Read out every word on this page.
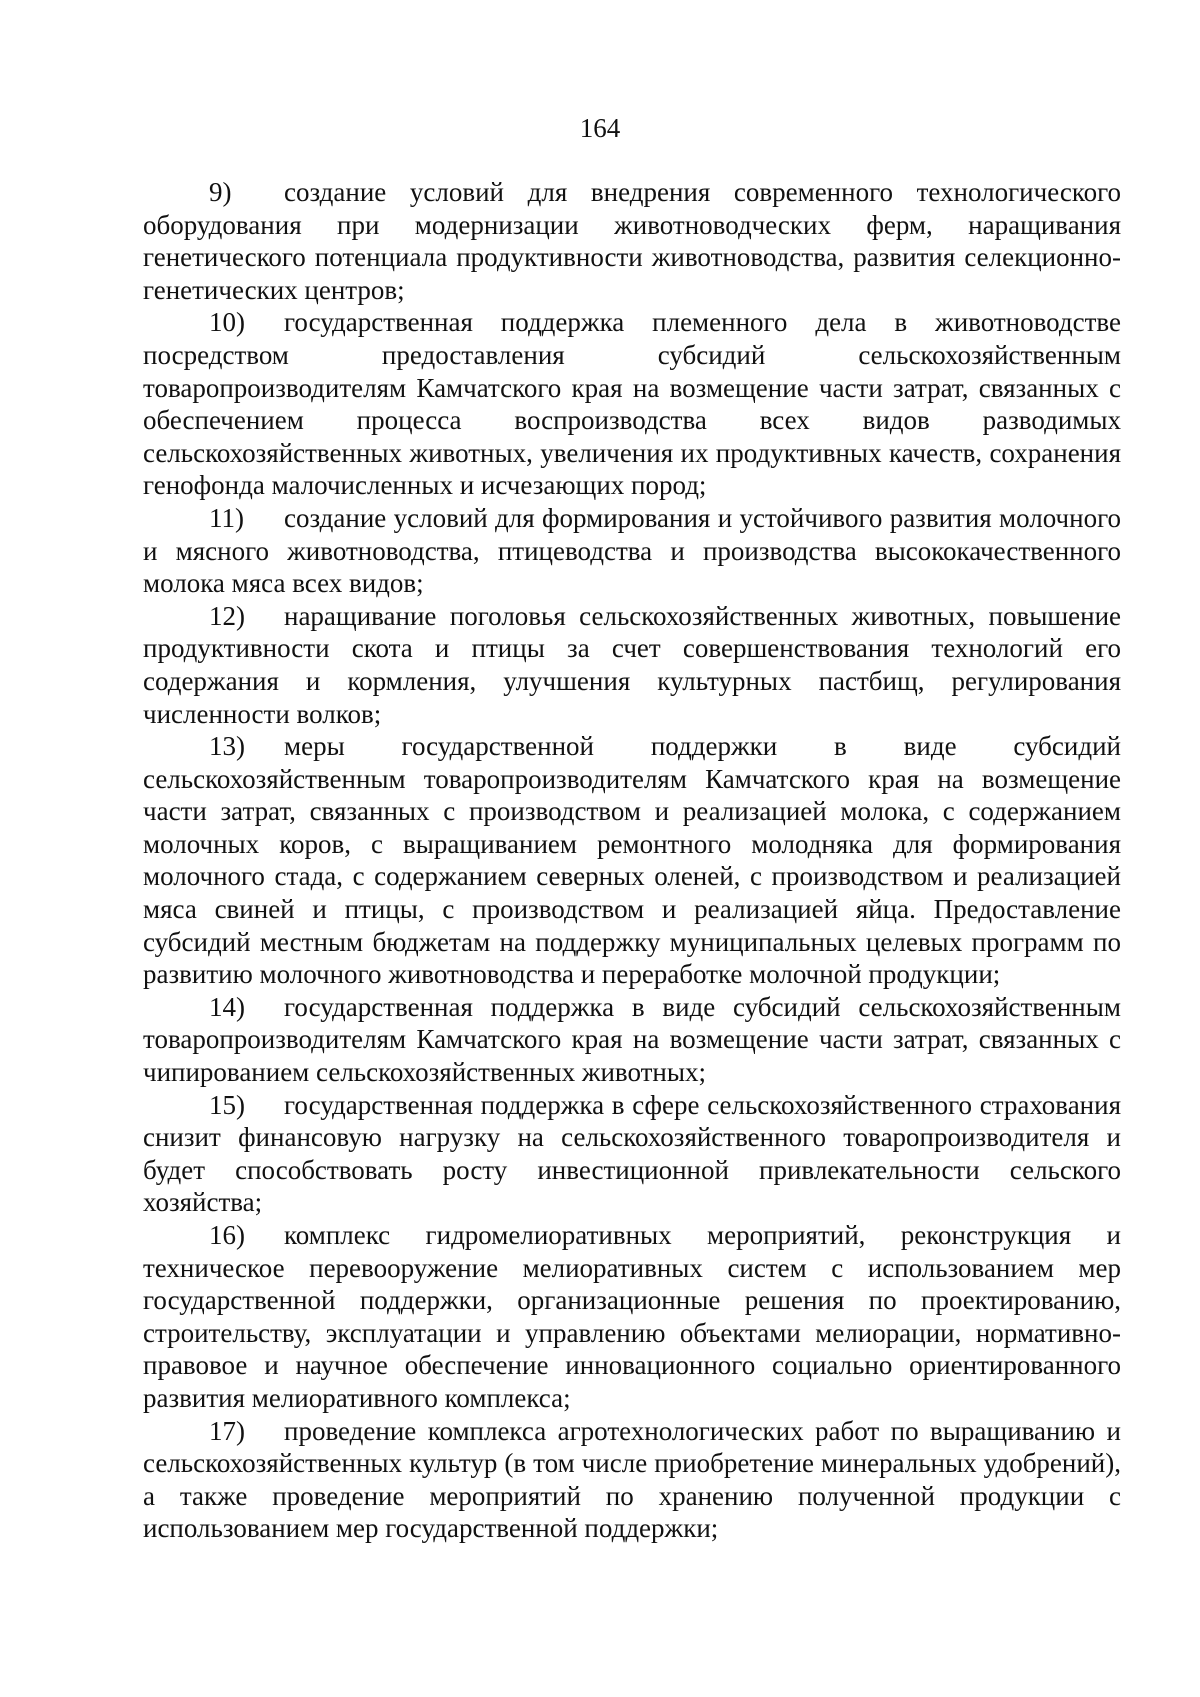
164

9) создание условий для внедрения современного технологического оборудования при модернизации животноводческих ферм, наращивания генетического потенциала продуктивности животноводства, развития селекционно-генетических центров;

10) государственная поддержка племенного дела в животноводстве посредством предоставления субсидий сельскохозяйственным товаропроизводителям Камчатского края на возмещение части затрат, связанных с обеспечением процесса воспроизводства всех видов разводимых сельскохозяйственных животных, увеличения их продуктивных качеств, сохранения генофонда малочисленных и исчезающих пород;

11) создание условий для формирования и устойчивого развития молочного и мясного животноводства, птицеводства и производства высококачественного молока мяса всех видов;

12) наращивание поголовья сельскохозяйственных животных, повышение продуктивности скота и птицы за счет совершенствования технологий его содержания и кормления, улучшения культурных пастбищ, регулирования численности волков;

13) меры государственной поддержки в виде субсидий сельскохозяйственным товаропроизводителям Камчатского края на возмещение части затрат, связанных с производством и реализацией молока, с содержанием молочных коров, с выращиванием ремонтного молодняка для формирования молочного стада, с содержанием северных оленей, с производством и реализацией мяса свиней и птицы, с производством и реализацией яйца. Предоставление субсидий местным бюджетам на поддержку муниципальных целевых программ по развитию молочного животноводства и переработке молочной продукции;

14) государственная поддержка в виде субсидий сельскохозяйственным товаропроизводителям Камчатского края на возмещение части затрат, связанных с чипированием сельскохозяйственных животных;

15) государственная поддержка в сфере сельскохозяйственного страхования снизит финансовую нагрузку на сельскохозяйственного товаропроизводителя и будет способствовать росту инвестиционной привлекательности сельского хозяйства;

16) комплекс гидромелиоративных мероприятий, реконструкция и техническое перевооружение мелиоративных систем с использованием мер государственной поддержки, организационные решения по проектированию, строительству, эксплуатации и управлению объектами мелиорации, нормативно-правовое и научное обеспечение инновационного социально ориентированного развития мелиоративного комплекса;

17) проведение комплекса агротехнологических работ по выращиванию и сельскохозяйственных культур (в том числе приобретение минеральных удобрений), а также проведение мероприятий по хранению полученной продукции с использованием мер государственной поддержки;
